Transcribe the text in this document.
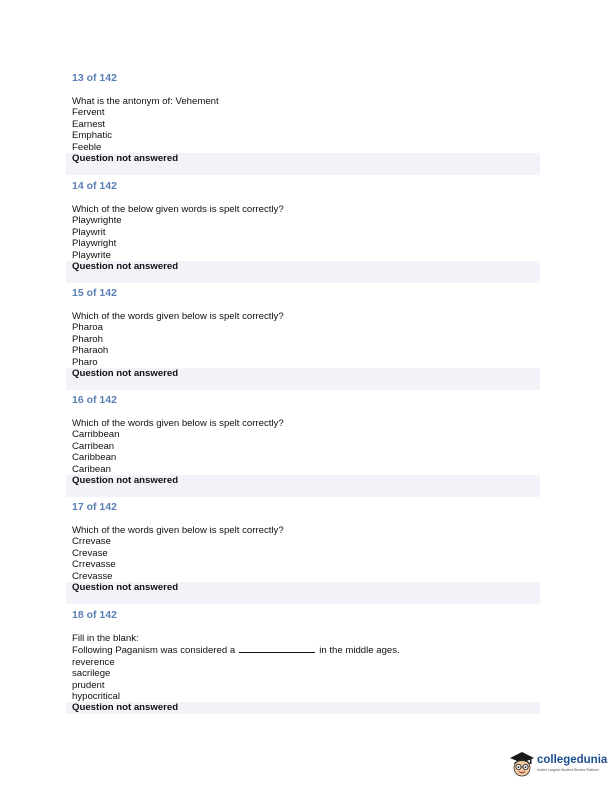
13 of 142
What is the antonym of: Vehement
Fervent
Earnest
Emphatic
Feeble
Question not answered
14 of 142
Which of the below given words is spelt correctly?
Playwrighte
Playwrit
Playwright
Playwrite
Question not answered
15 of 142
Which of the words given below is spelt correctly?
Pharoa
Pharoh
Pharaoh
Pharo
Question not answered
16 of 142
Which of the words given below is spelt correctly?
Carribbean
Carribean
Caribbean
Caribean
Question not answered
17 of 142
Which of the words given below is spelt correctly?
Crrevase
Crevase
Crrevasse
Crevasse
Question not answered
18 of 142
Fill in the blank:
Following Paganism was considered a	in the middle ages.
reverence
sacrilege
prudent
hypocritical
Question not answered
collegedunia
India's Largest Student Review Platform
